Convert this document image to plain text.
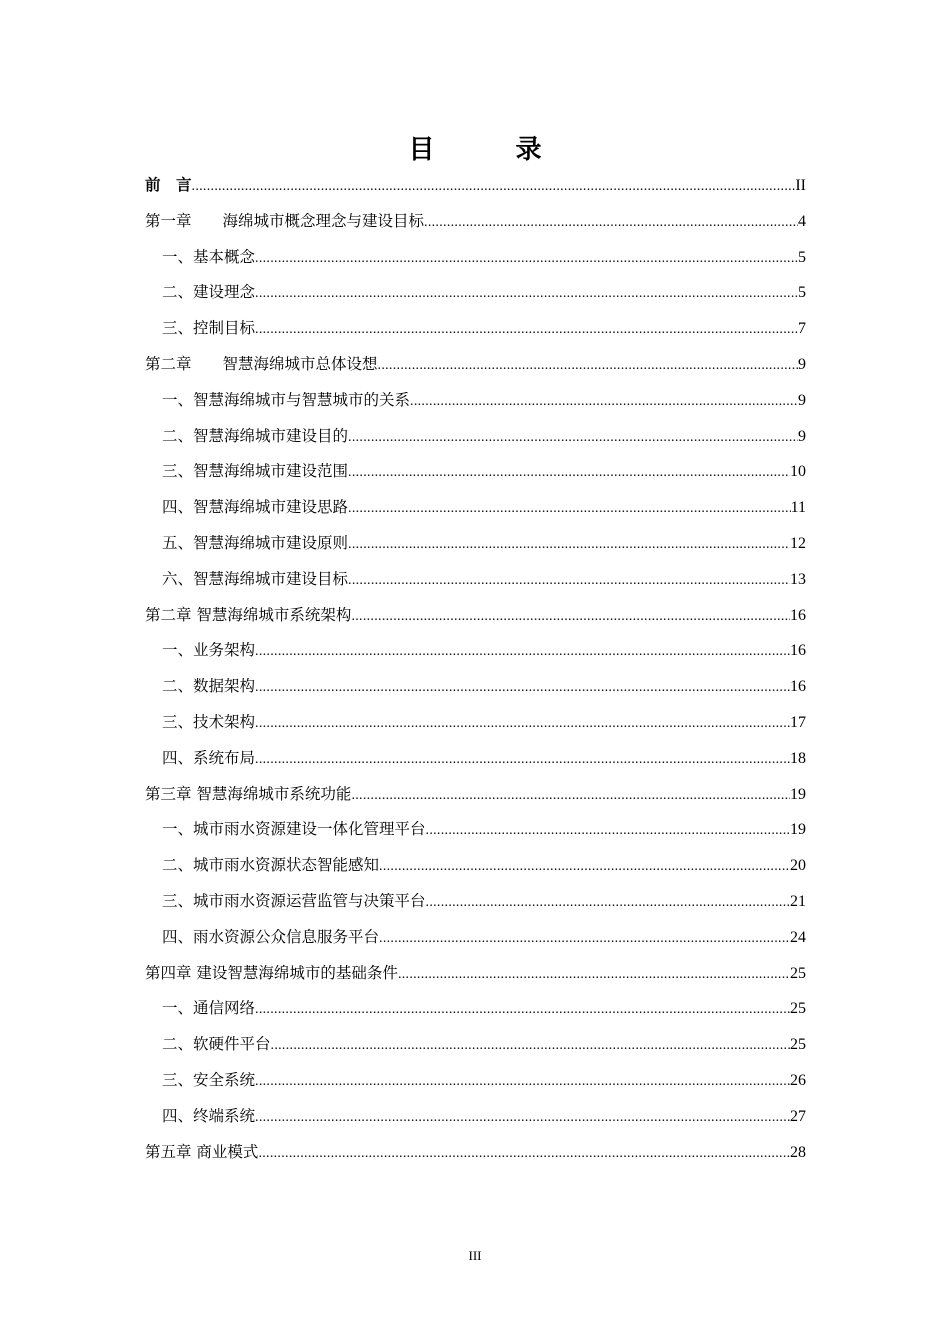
目 录
前　言 .....	II
第一章　　海绵城市概念理念与建设目标 .....	4
一、基本概念 .....	5
二、建设理念 .....	5
三、控制目标 .....	7
第二章　　智慧海绵城市总体设想 .....	9
一、智慧海绵城市与智慧城市的关系 .....	9
二、智慧海绵城市建设目的 .....	9
三、智慧海绵城市建设范围 .....	10
四、智慧海绵城市建设思路 .....	11
五、智慧海绵城市建设原则 .....	12
六、智慧海绵城市建设目标 .....	13
第二章 智慧海绵城市系统架构 .....	16
一、业务架构 .....	16
二、数据架构 .....	16
三、技术架构 .....	17
四、系统布局 .....	18
第三章 智慧海绵城市系统功能 .....	19
一、城市雨水资源建设一体化管理平台 .....	19
二、城市雨水资源状态智能感知 .....	20
三、城市雨水资源运营监管与决策平台 .....	21
四、雨水资源公众信息服务平台 .....	24
第四章 建设智慧海绵城市的基础条件 .....	25
一、通信网络 .....	25
二、软硬件平台 .....	25
三、安全系统 .....	26
四、终端系统 .....	27
第五章 商业模式 .....	28
III
